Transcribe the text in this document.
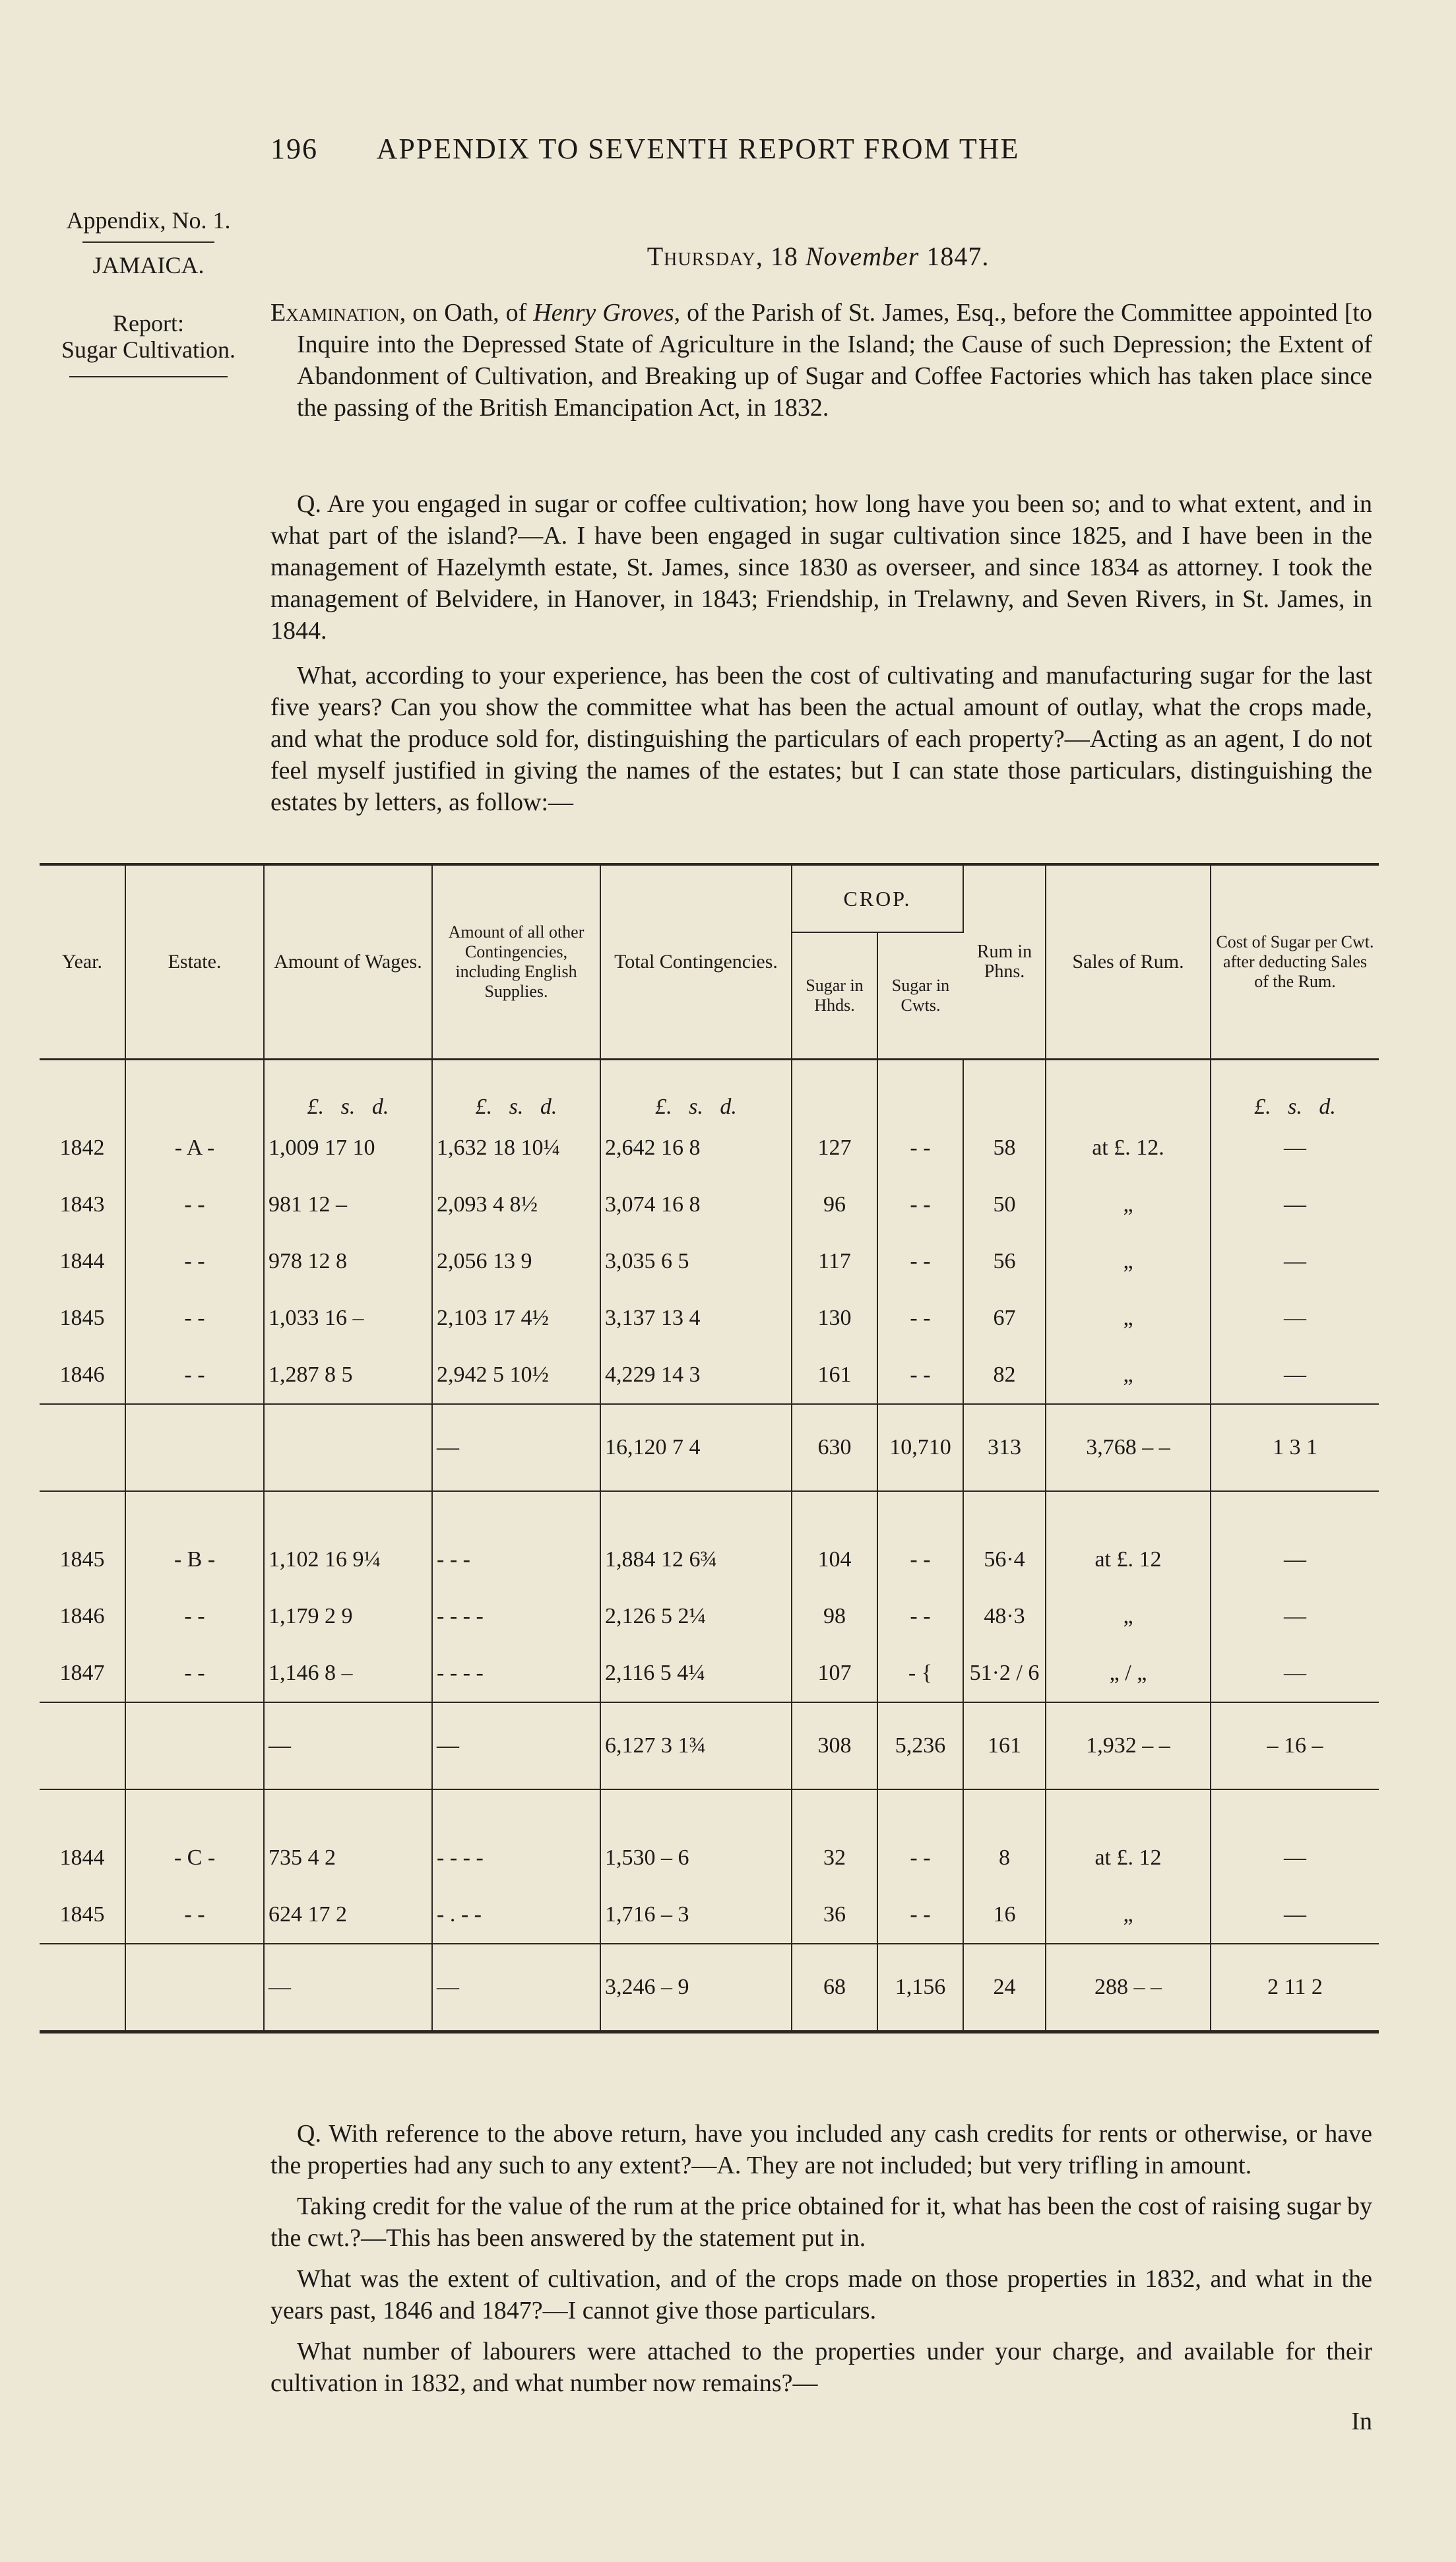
196 APPENDIX TO SEVENTH REPORT FROM THE
Appendix, No. 1.
JAMAICA.
Report:
Sugar Cultivation.
Thursday, 18 November 1847.

Examination, on Oath, of Henry Groves, of the Parish of St. James, Esq., before the Committee appointed [to Inquire into the Depressed State of Agriculture in the Island; the Cause of such Depression; the Extent of Abandonment of Cultivation, and Breaking up of Sugar and Coffee Factories which has taken place since the passing of the British Emancipation Act, in 1832.

Q. Are you engaged in sugar or coffee cultivation; how long have you been so; and to what extent, and in what part of the island?—A. I have been engaged in sugar cultivation since 1825, and I have been in the management of Hazelymth estate, St. James, since 1830 as overseer, and since 1834 as attorney. I took the management of Belvidere, in Hanover, in 1843; Friendship, in Trelawny, and Seven Rivers, in St. James, in 1844.

What, according to your experience, has been the cost of cultivating and manufacturing sugar for the last five years? Can you show the committee what has been the actual amount of outlay, what the crops made, and what the produce sold for, distinguishing the particulars of each property?—Acting as an agent, I do not feel myself justified in giving the names of the estates; but I can state those particulars, distinguishing the estates by letters, as follow:—

Year.	Estate.	Amount of Wages.	Amount of all other Contingencies, including English Supplies.	Total Contingencies.	CROP.		Rum in Phns.	Sales of Rum.	Cost of Sugar per Cwt. after deducting Sales of the Rum.
					Sugar in Hhds.	Sugar in Cwts.			
		£. s. d.	£. s. d.	£. s. d.					£. s. d.
1842	- A -	1,009 17 10	1,632 18 10¼	2,642 16 8	127	- -	58	at £. 12.	—
1843	- -	981 12 –	2,093 4 8½	3,074 16 8	96	- -	50	„	—
1844	- -	978 12 8	2,056 13 9	3,035 6 5	117	- -	56	„	—
1845	- -	1,033 16 –	2,103 17 4½	3,137 13 4	130	- -	67	„	—
1846	- -	1,287 8 5	2,942 5 10½	4,229 14 3	161	- -	82	„	—
			—	16,120 7 4	630	10,710	313	3,768 – –	1 3 1

1845	- B -	1,102 16 9¼	- - -	1,884 12 6¾	104	- -	56·4	at £. 12	—
1846	- -	1,179 2 9	- - - -	2,126 5 2¼	98	- -	48·3	„	—
1847	- -	1,146 8 –	- - - -	2,116 5 4¼	107	- {	51·2 / 6	„ / „	—
		—	—	6,127 3 1¾	308	5,236	161	1,932 – –	– 16 –

1844	- C -	735 4 2	- - - -	1,530 – 6	32	- -	8	at £. 12	—
1845	- -	624 17 2	- . - -	1,716 – 3	36	- -	16	„	—
		—	—	3,246 – 9	68	1,156	24	288 – –	2 11 2

Q. With reference to the above return, have you included any cash credits for rents or otherwise, or have the properties had any such to any extent?—A. They are not included; but very trifling in amount.

Taking credit for the value of the rum at the price obtained for it, what has been the cost of raising sugar by the cwt.?—This has been answered by the statement put in.

What was the extent of cultivation, and of the crops made on those properties in 1832, and what in the years past, 1846 and 1847?—I cannot give those particulars.

What number of labourers were attached to the properties under your charge, and available for their cultivation in 1832, and what number now remains?—

In
